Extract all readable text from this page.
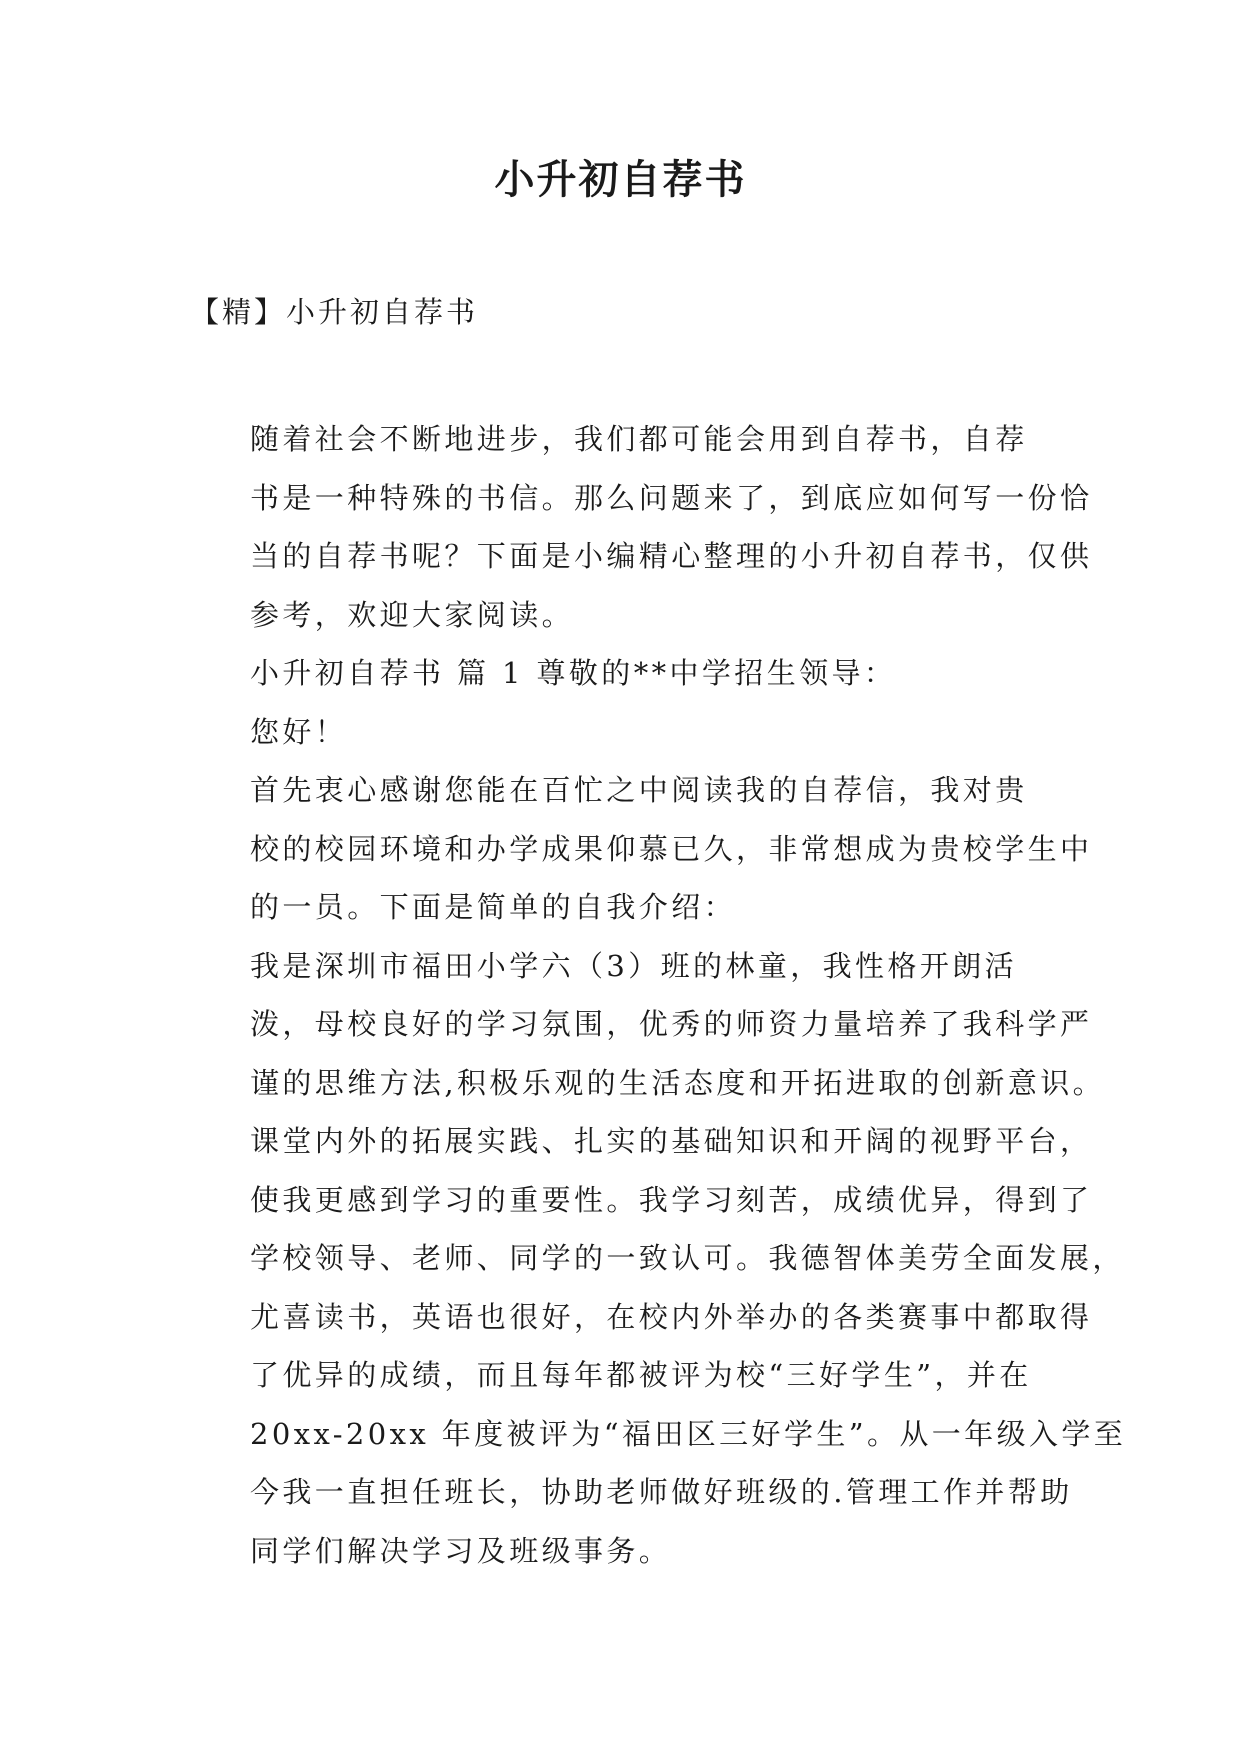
小升初自荐书

【精】小升初自荐书

随着社会不断地进步，我们都可能会用到自荐书，自荐
书是一种特殊的书信。那么问题来了，到底应如何写一份恰
当的自荐书呢？下面是小编精心整理的小升初自荐书，仅供
参考，欢迎大家阅读。

小升初自荐书 篇 1 尊敬的**中学招生领导：

您好！

首先衷心感谢您能在百忙之中阅读我的自荐信，我对贵
校的校园环境和办学成果仰慕已久，非常想成为贵校学生中
的一员。下面是简单的自我介绍：

我是深圳市福田小学六（3）班的林童，我性格开朗活
泼，母校良好的学习氛围，优秀的师资力量培养了我科学严
谨的思维方法,积极乐观的生活态度和开拓进取的创新意识。
课堂内外的拓展实践、扎实的基础知识和开阔的视野平台，
使我更感到学习的重要性。我学习刻苦，成绩优异，得到了
学校领导、老师、同学的一致认可。我德智体美劳全面发展，
尤喜读书，英语也很好，在校内外举办的各类赛事中都取得
了优异的成绩，而且每年都被评为校“三好学生”，并在
20xx-20xx 年度被评为“福田区三好学生”。从一年级入学至
今我一直担任班长，协助老师做好班级的.管理工作并帮助
同学们解决学习及班级事务。
